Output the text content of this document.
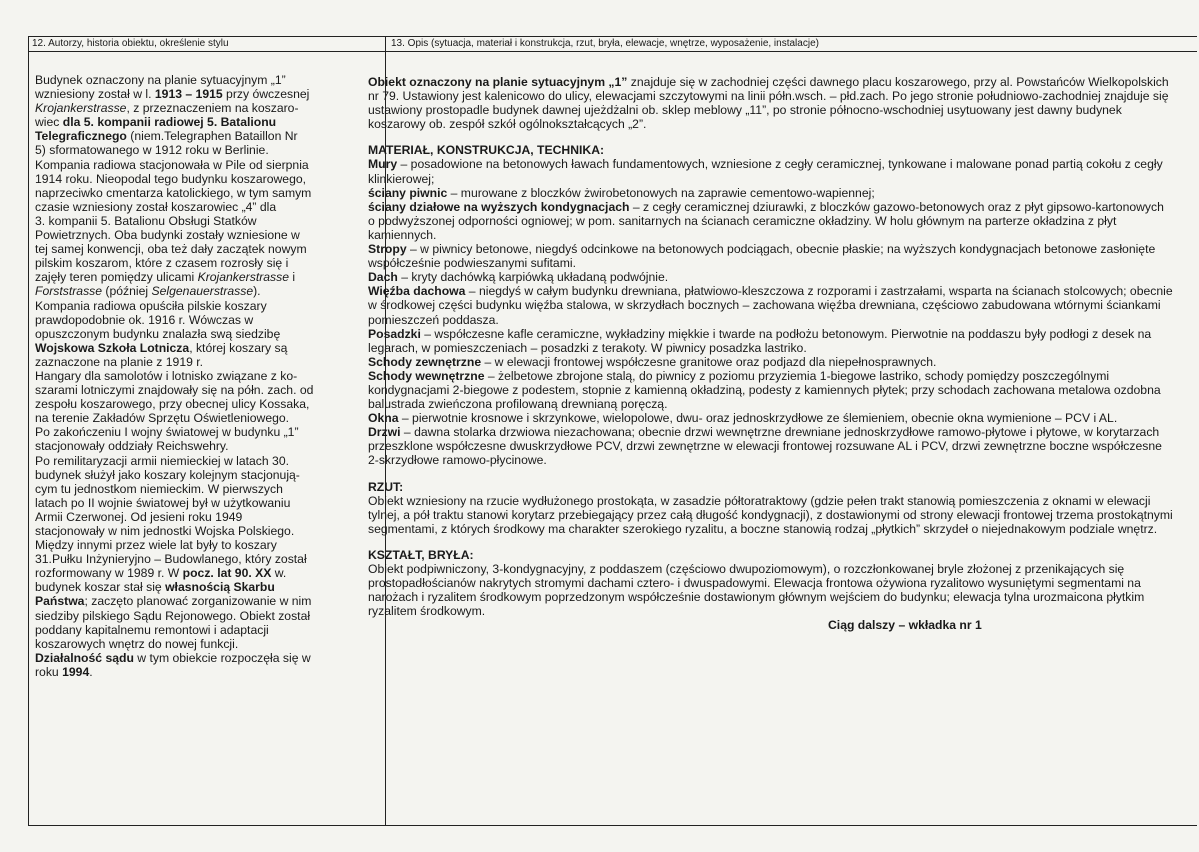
12. Autorzy, historia obiektu, określenie stylu	13. Opis (sytuacja, materiał i konstrukcja, rzut, bryła, elewacje, wnętrze, wyposażenie, instalacje)

Budynek oznaczony na planie sytuacyjnym „1”
wzniesiony został w l. 1913 – 1915 przy ówczesnej
Krojankerstrasse, z przeznaczeniem na koszaro-
wiec dla 5. kompanii radiowej 5. Batalionu
Telegraficznego (niem.Telegraphen Bataillon Nr
5) sformatowanego w 1912 roku w Berlinie.
Kompania radiowa stacjonowała w Pile od sierpnia
1914 roku. Nieopodal tego budynku koszarowego,
naprzeciwko cmentarza katolickiego, w tym samym
czasie wzniesiony został koszarowiec „4” dla
3. kompanii 5. Batalionu Obsługi Statków
Powietrznych. Oba budynki zostały wzniesione w
tej samej konwencji, oba też dały zaczątek nowym
pilskim koszarom, które z czasem rozrosły się i
zajęły teren pomiędzy ulicami Krojankerstrasse i
Forststrasse (później Selgenauerstrasse).
Kompania radiowa opuściła pilskie koszary
prawdopodobnie ok. 1916 r. Wówczas w
opuszczonym budynku znalazła swą siedzibę
Wojskowa Szkoła Lotnicza, której koszary są
zaznaczone na planie z 1919 r.
Hangary dla samolotów i lotnisko związane z ko-
szarami lotniczymi znajdowały się na półn. zach. od
zespołu koszarowego, przy obecnej ulicy Kossaka,
na terenie Zakładów Sprzętu Oświetleniowego.
Po zakończeniu I wojny światowej w budynku „1”
stacjonowały oddziały Reichswehry.
Po remilitaryzacji armii niemieckiej w latach 30.
budynek służył jako koszary kolejnym stacjonują-
cym tu jednostkom niemieckim. W pierwszych
latach po II wojnie światowej był w użytkowaniu
Armii Czerwonej. Od jesieni roku 1949
stacjonowały w nim jednostki Wojska Polskiego.
Między innymi przez wiele lat były to koszary
31.Pułku Inżynieryjno – Budowlanego, który został
rozformowany w 1989 r. W pocz. lat 90. XX w.
budynek koszar stał się własnością Skarbu
Państwa; zaczęto planować zorganizowanie w nim
siedziby pilskiego Sądu Rejonowego. Obiekt został
poddany kapitalnemu remontowi i adaptacji
koszarowych wnętrz do nowej funkcji.
Działalność sądu w tym obiekcie rozpoczęła się w
roku 1994.

Obiekt oznaczony na planie sytuacyjnym „1” znajduje się w zachodniej części dawnego placu koszarowego, przy al. Powstańców Wielkopolskich nr 79. Ustawiony jest kalenicowo do ulicy, elewacjami szczytowymi na linii półn.wsch. – płd.zach. Po jego stronie południowo-zachodniej znajduje się ustawiony prostopadle budynek dawnej ujeżdżalni ob. sklep meblowy „11”, po stronie północno-wschodniej usytuowany jest dawny budynek koszarowy ob. zespół szkół ogólnokształcących „2”.

MATERIAŁ, KONSTRUKCJA, TECHNIKA:

Mury – posadowione na betonowych ławach fundamentowych, wzniesione z cegły ceramicznej, tynkowane i malowane ponad partią cokołu z cegły klinkierowej;
ściany piwnic – murowane z bloczków żwirobetonowych na zaprawie cementowo-wapiennej;
ściany działowe na wyższych kondygnacjach – z cegły ceramicznej dziurawki, z bloczków gazowo-betonowych oraz z płyt gipsowo-kartonowych o podwyższonej odporności ogniowej; w pom. sanitarnych na ścianach ceramiczne okładziny. W holu głównym na parterze okładzina z płyt kamiennych.
Stropy – w piwnicy betonowe, niegdyś odcinkowe na betonowych podciągach, obecnie płaskie; na wyższych kondygnacjach betonowe zasłonięte współcześnie podwieszanymi sufitami.
Dach – kryty dachówką karpiówką układaną podwójnie.
Więźba dachowa – niegdyś w całym budynku drewniana, płatwiowo-kleszczowa z rozporami i zastrzałami, wsparta na ścianach stolcowych; obecnie w środkowej części budynku więźba stalowa, w skrzydłach bocznych – zachowana więźba drewniana, częściowo zabudowana wtórnymi ściankami pomieszczeń poddasza.
Posadzki – współczesne kafle ceramiczne, wykładziny miękkie i twarde na podłożu betonowym. Pierwotnie na poddaszu były podłogi z desek na legarach, w pomieszczeniach – posadzki z terakoty. W piwnicy posadzka lastriko.
Schody zewnętrzne – w elewacji frontowej współczesne granitowe oraz podjazd dla niepełnosprawnych.
Schody wewnętrzne – żelbetowe zbrojone stalą, do piwnicy z poziomu przyziemia 1-biegowe lastriko, schody pomiędzy poszczególnymi kondygnacjami 2-biegowe z podestem, stopnie z kamienną okładziną, podesty z kamiennych płytek; przy schodach zachowana metalowa ozdobna balustrada zwieńczona profilowaną drewnianą poręczą.
Okna – pierwotnie krosnowe i skrzynkowe, wielopolowe, dwu- oraz jednoskrzydłowe ze ślemieniem, obecnie okna wymienione – PCV i AL.
Drzwi – dawna stolarka drzwiowa niezachowana; obecnie drzwi wewnętrzne drewniane jednoskrzydłowe ramowo-płytowe i płytowe, w korytarzach przeszklone współczesne dwuskrzydłowe PCV, drzwi zewnętrzne w elewacji frontowej rozsuwane AL i PCV, drzwi zewnętrzne boczne współczesne 2-skrzydłowe ramowo-płycinowe.

RZUT:

Obiekt wzniesiony na rzucie wydłużonego prostokąta, w zasadzie półtoratraktowy (gdzie pełen trakt stanowią pomieszczenia z oknami w elewacji tylnej, a pół traktu stanowi korytarz przebiegający przez całą długość kondygnacji), z dostawionymi od strony elewacji frontowej trzema prostokątnymi segmentami, z których środkowy ma charakter szerokiego ryzalitu, a boczne stanowią rodzaj „płytkich” skrzydeł o niejednakowym podziale wnętrz.

KSZTAŁT, BRYŁA:

Obiekt podpiwniczony, 3-kondygnacyjny, z poddaszem (częściowo dwupoziomowym), o rozczłonkowanej bryle złożonej z przenikających się prostopadłościanów nakrytych stromymi dachami czterο- i dwuspadowymi. Elewacja frontowa ożywiona ryzalitowo wysuniętymi segmentami na narożach i ryzalitem środkowym poprzedzonym współcześnie dostawionym głównym wejściem do budynku; elewacja tylna urozmaicona płytkim ryzalitem środkowym.

Ciąg dalszy – wkładka nr 1
